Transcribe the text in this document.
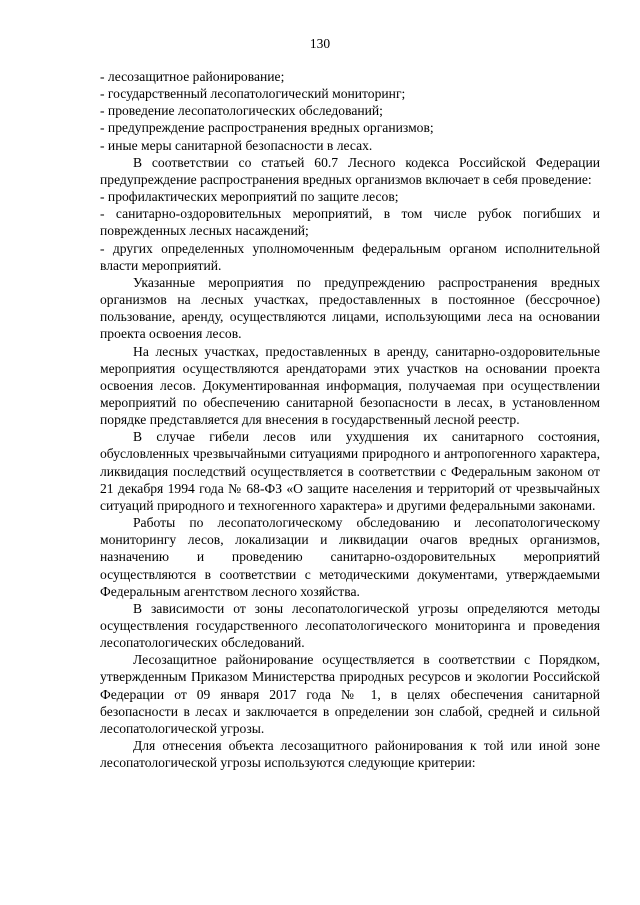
130

- лесозащитное районирование;

- государственный лесопатологический мониторинг;

- проведение лесопатологических обследований;

- предупреждение распространения вредных организмов;

- иные меры санитарной безопасности в лесах.

В соответствии со статьей 60.7 Лесного кодекса Российской Федерации предупреждение распространения вредных организмов включает в себя проведение:

- профилактических мероприятий по защите лесов;

- санитарно-оздоровительных мероприятий, в том числе рубок погибших и поврежденных лесных насаждений;

- других определенных уполномоченным федеральным органом исполнительной власти мероприятий.

Указанные мероприятия по предупреждению распространения вредных организмов на лесных участках, предоставленных в постоянное (бессрочное) пользование, аренду, осуществляются лицами, использующими леса на основании проекта освоения лесов.

На лесных участках, предоставленных в аренду, санитарно-оздоровительные мероприятия осуществляются арендаторами этих участков на основании проекта освоения лесов. Документированная информация, получаемая при осуществлении мероприятий по обеспечению санитарной безопасности в лесах, в установленном порядке представляется для внесения в государственный лесной реестр.

В случае гибели лесов или ухудшения их санитарного состояния, обусловленных чрезвычайными ситуациями природного и антропогенного характера, ликвидация последствий осуществляется в соответствии с Федеральным законом от 21 декабря 1994 года № 68-ФЗ «О защите населения и территорий от чрезвычайных ситуаций природного и техногенного характера» и другими федеральными законами.

Работы по лесопатологическому обследованию и лесопатологическому мониторингу лесов, локализации и ликвидации очагов вредных организмов, назначению и проведению санитарно-оздоровительных мероприятий осуществляются в соответствии с методическими документами, утверждаемыми Федеральным агентством лесного хозяйства.

В зависимости от зоны лесопатологической угрозы определяются методы осуществления государственного лесопатологического мониторинга и проведения лесопатологических обследований.

Лесозащитное районирование осуществляется в соответствии с Порядком, утвержденным Приказом Министерства природных ресурсов и экологии Российской Федерации от 09 января 2017 года № 1, в целях обеспечения санитарной безопасности в лесах и заключается в определении зон слабой, средней и сильной лесопатологической угрозы.

Для отнесения объекта лесозащитного районирования к той или иной зоне лесопатологической угрозы используются следующие критерии:
